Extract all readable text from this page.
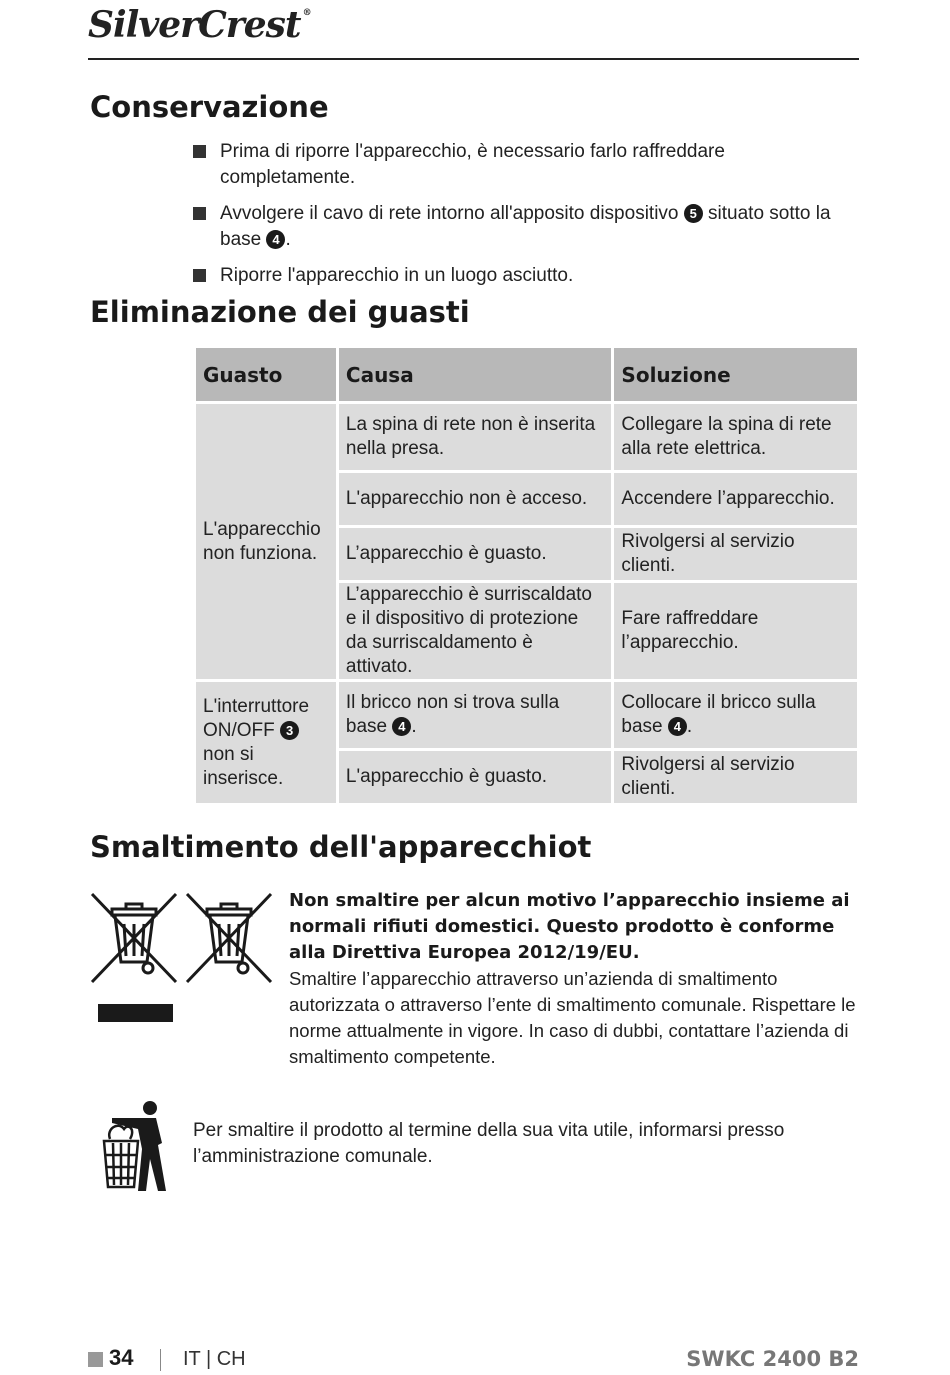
SilverCrest ®
Conservazione
Prima di riporre l'apparecchio, è necessario farlo raffreddare completamente.
Avvolgere il cavo di rete intorno all'apposito dispositivo 5 situato sotto la base 4 .
Riporre l'apparecchio in un luogo asciutto.
Eliminazione dei guasti
Guasto	Causa	Soluzione
L'apparecchio non funziona.	La spina di rete non è inserita nella presa.	Collegare la spina di rete alla rete elettrica.
	L'apparecchio non è acceso.	Accendere l’apparecchio.
	L’apparecchio è guasto.	Rivolgersi al servizio clienti.
	L’apparecchio è surriscaldato e il dispositivo di protezione da surriscaldamento è attivato.	Fare raffreddare l’apparecchio.
L'interruttore ON/OFF 3 non si inserisce.	Il bricco non si trova sulla base 4 .	Collocare il bricco sulla base 4 .
	L'apparecchio è guasto.	Rivolgersi al servizio clienti.
Smaltimento dell'apparecchiot
Non smaltire per alcun motivo l’apparecchio insieme ai normali rifiuti domestici. Questo prodotto è conforme alla Direttiva Europea 2012/19/EU.
Smaltire l’apparecchio attraverso un’azienda di smaltimento autorizzata o attraverso l’ente di smaltimento comunale. Rispettare le norme attualmente in vigore. In caso di dubbi, contattare l’azienda di smaltimento competente.
Per smaltire il prodotto al termine della sua vita utile, informarsi presso l’amministrazione comunale.
34 IT | CH	SWKC 2400 B2
